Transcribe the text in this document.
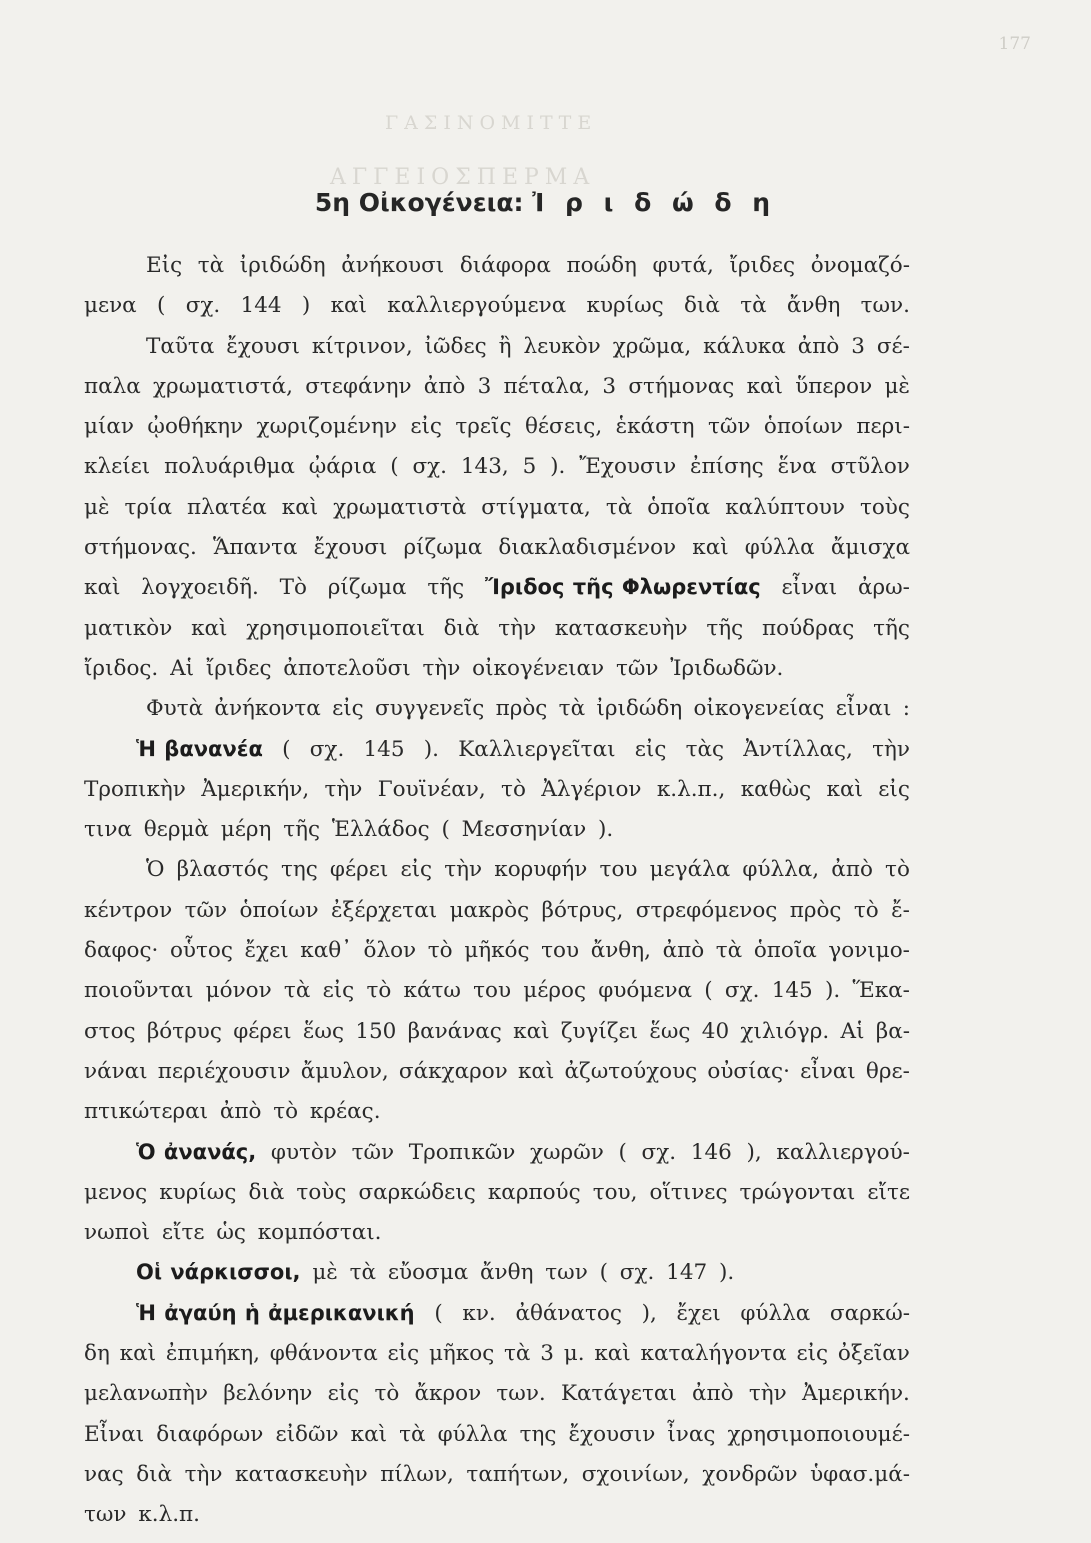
177
ΓΑΣΙΝΟΜΙΤΤΕ
ΑΓΓΕΙΟΣΠΕΡΜΑ
5η Οἰκογένεια: Ἰ ρ ι δ ώ δ η
Εἰς τὰ ἰριδώδη ἀνήκουσι διάφορα ποώδη φυτά, ἴριδες ὀνομαζό-
μενα ( σχ. 144 ) καὶ καλλιεργούμενα κυρίως διὰ τὰ ἄνθη των.
Ταῦτα ἔχουσι κίτρινον, ἰῶδες ἢ λευκὸν χρῶμα, κάλυκα ἀπὸ 3 σέ-
παλα χρωματιστά, στεφάνην ἀπὸ 3 πέταλα, 3 στήμονας καὶ ὕπερον μὲ
μίαν ᾠοθήκην χωριζομένην εἰς τρεῖς θέσεις, ἑκάστη τῶν ὁποίων περι-
κλείει πολυάριθμα ᾠάρια ( σχ. 143, 5 ). Ἔχουσιν ἐπίσης ἕνα στῦλον
μὲ τρία πλατέα καὶ χρωματιστὰ στίγματα, τὰ ὁποῖα καλύπτουν τοὺς
στήμονας. Ἅπαντα ἔχουσι ρίζωμα διακλαδισμένον καὶ φύλλα ἄμισχα
καὶ λογχοειδῆ. Τὸ ρίζωμα τῆς Ἴριδος τῆς Φλωρεντίας εἶναι ἀρω-
ματικὸν καὶ χρησιμοποιεῖται διὰ τὴν κατασκευὴν τῆς πούδρας τῆς
ἴριδος. Αἱ ἴριδες ἀποτελοῦσι τὴν οἰκογένειαν τῶν Ἰριδωδῶν.
Φυτὰ ἀνήκοντα εἰς συγγενεῖς πρὸς τὰ ἰριδώδη οἰκογενείας εἶναι :
Ἡ βανανέα ( σχ. 145 ). Καλλιεργεῖται εἰς τὰς Ἀντίλλας, τὴν
Τροπικὴν Ἀμερικήν, τὴν Γουϊνέαν, τὸ Ἀλγέριον κ.λ.π., καθὼς καὶ εἰς
τινα θερμὰ μέρη τῆς Ἑλλάδος ( Μεσσηνίαν ).
Ὁ βλαστός της φέρει εἰς τὴν κορυφήν του μεγάλα φύλλα, ἀπὸ τὸ
κέντρον τῶν ὁποίων ἐξέρχεται μακρὸς βότρυς, στρεφόμενος πρὸς τὸ ἔ-
δαφος· οὗτος ἔχει καθ᾽ ὅλον τὸ μῆκός του ἄνθη, ἀπὸ τὰ ὁποῖα γονιμο-
ποιοῦνται μόνον τὰ εἰς τὸ κάτω του μέρος φυόμενα ( σχ. 145 ). Ἕκα-
στος βότρυς φέρει ἕως 150 βανάνας καὶ ζυγίζει ἕως 40 χιλιόγρ. Αἱ βα-
νάναι περιέχουσιν ἄμυλον, σάκχαρον καὶ ἀζωτούχους οὐσίας· εἶναι θρε-
πτικώτεραι ἀπὸ τὸ κρέας.
Ὁ ἀνανάς, φυτὸν τῶν Τροπικῶν χωρῶν ( σχ. 146 ), καλλιεργού-
μενος κυρίως διὰ τοὺς σαρκώδεις καρπούς του, οἵτινες τρώγονται εἴτε
νωποὶ εἴτε ὡς κομπόσται.
Οἱ νάρκισσοι, μὲ τὰ εὔοσμα ἄνθη των ( σχ. 147 ).
Ἡ ἀγαύη ἡ ἀμερικανική ( κν. ἀθάνατος ), ἔχει φύλλα σαρκώ-
δη καὶ ἐπιμήκη, φθάνοντα εἰς μῆκος τὰ 3 μ. καὶ καταλήγοντα εἰς ὀξεῖαν
μελανωπὴν βελόνην εἰς τὸ ἄκρον των. Κατάγεται ἀπὸ τὴν Ἀμερικήν.
Εἶναι διαφόρων εἰδῶν καὶ τὰ φύλλα της ἔχουσιν ἶνας χρησιμοποιουμέ-
νας διὰ τὴν κατασκευὴν πίλων, ταπήτων, σχοινίων, χονδρῶν ὑφασ.μά-
των κ.λ.π.
